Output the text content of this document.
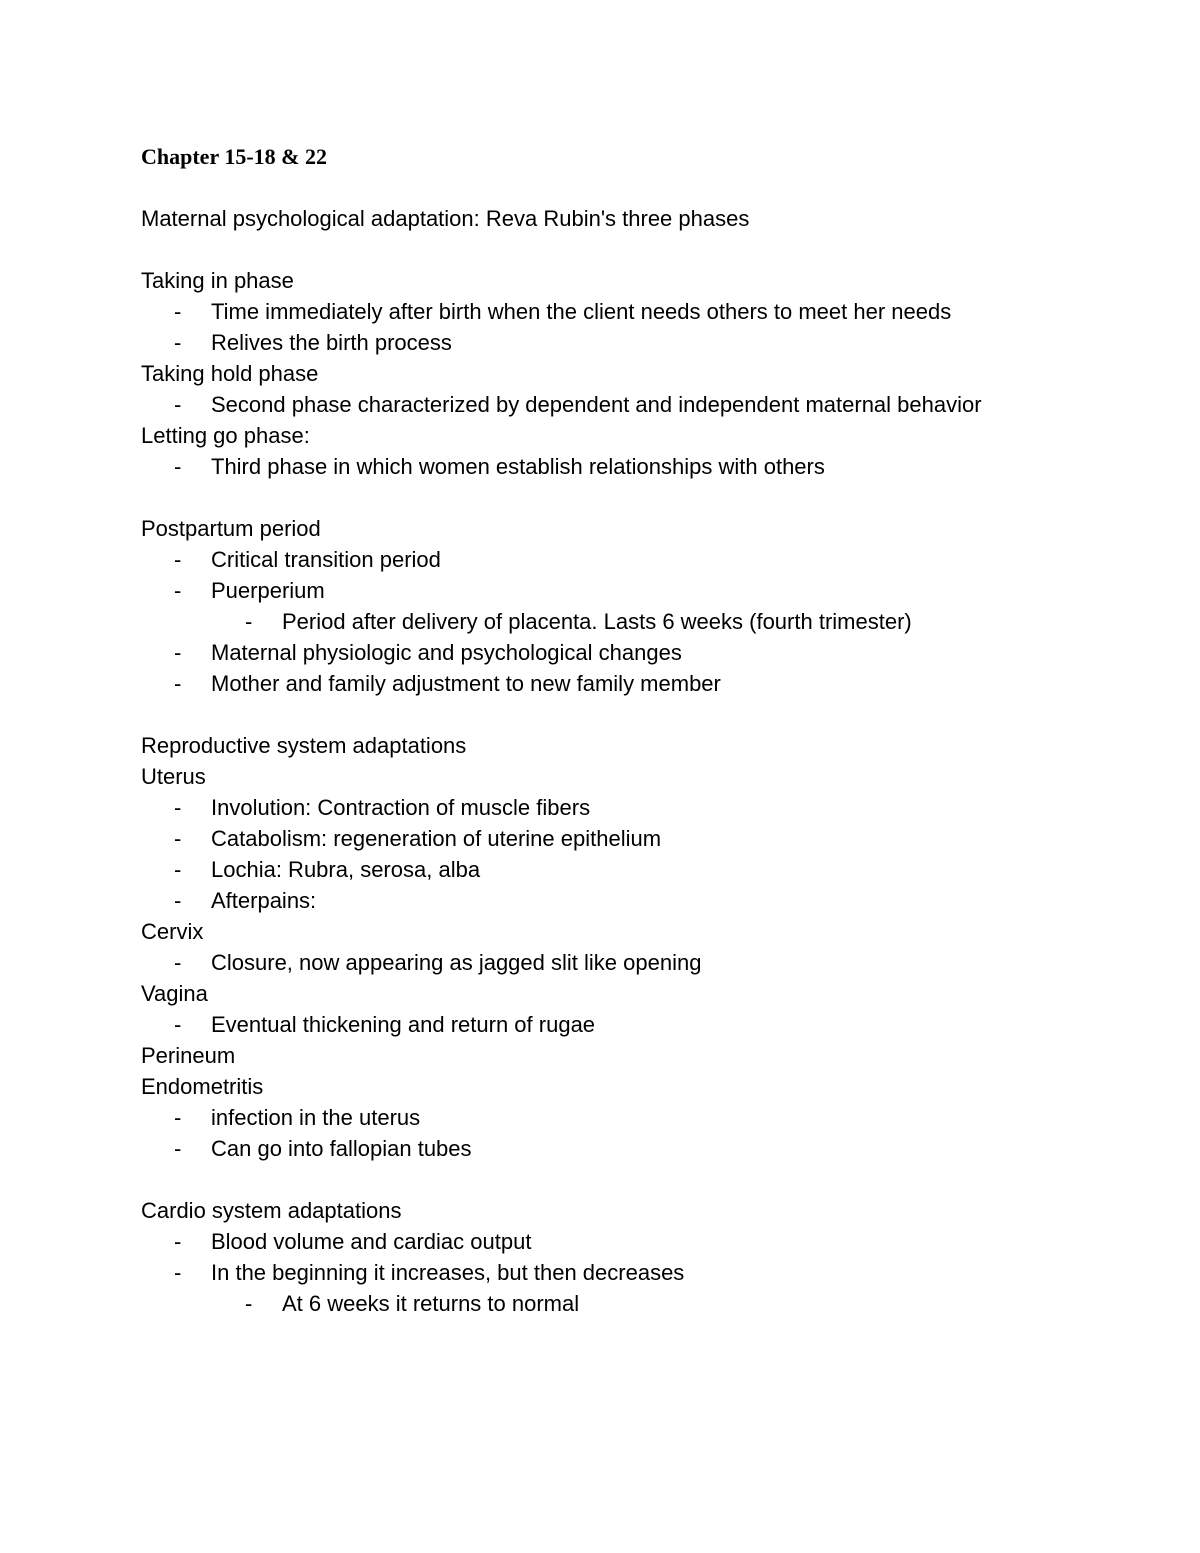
Chapter 15-18 & 22
Maternal psychological adaptation: Reva Rubin's three phases
Taking in phase
- Time immediately after birth when the client needs others to meet her needs
- Relives the birth process
Taking hold phase
- Second phase characterized by dependent and independent maternal behavior
Letting go phase:
- Third phase in which women establish relationships with others
Postpartum period
- Critical transition period
- Puerperium
- Period after delivery of placenta. Lasts 6 weeks (fourth trimester)
- Maternal physiologic and psychological changes
- Mother and family adjustment to new family member
Reproductive system adaptations
Uterus
- Involution: Contraction of muscle fibers
- Catabolism: regeneration of uterine epithelium
- Lochia: Rubra, serosa, alba
- Afterpains:
Cervix
- Closure, now appearing as jagged slit like opening
Vagina
- Eventual thickening and return of rugae
Perineum
Endometritis
- infection in the uterus
- Can go into fallopian tubes
Cardio system adaptations
- Blood volume and cardiac output
- In the beginning it increases, but then decreases
- At 6 weeks it returns to normal
